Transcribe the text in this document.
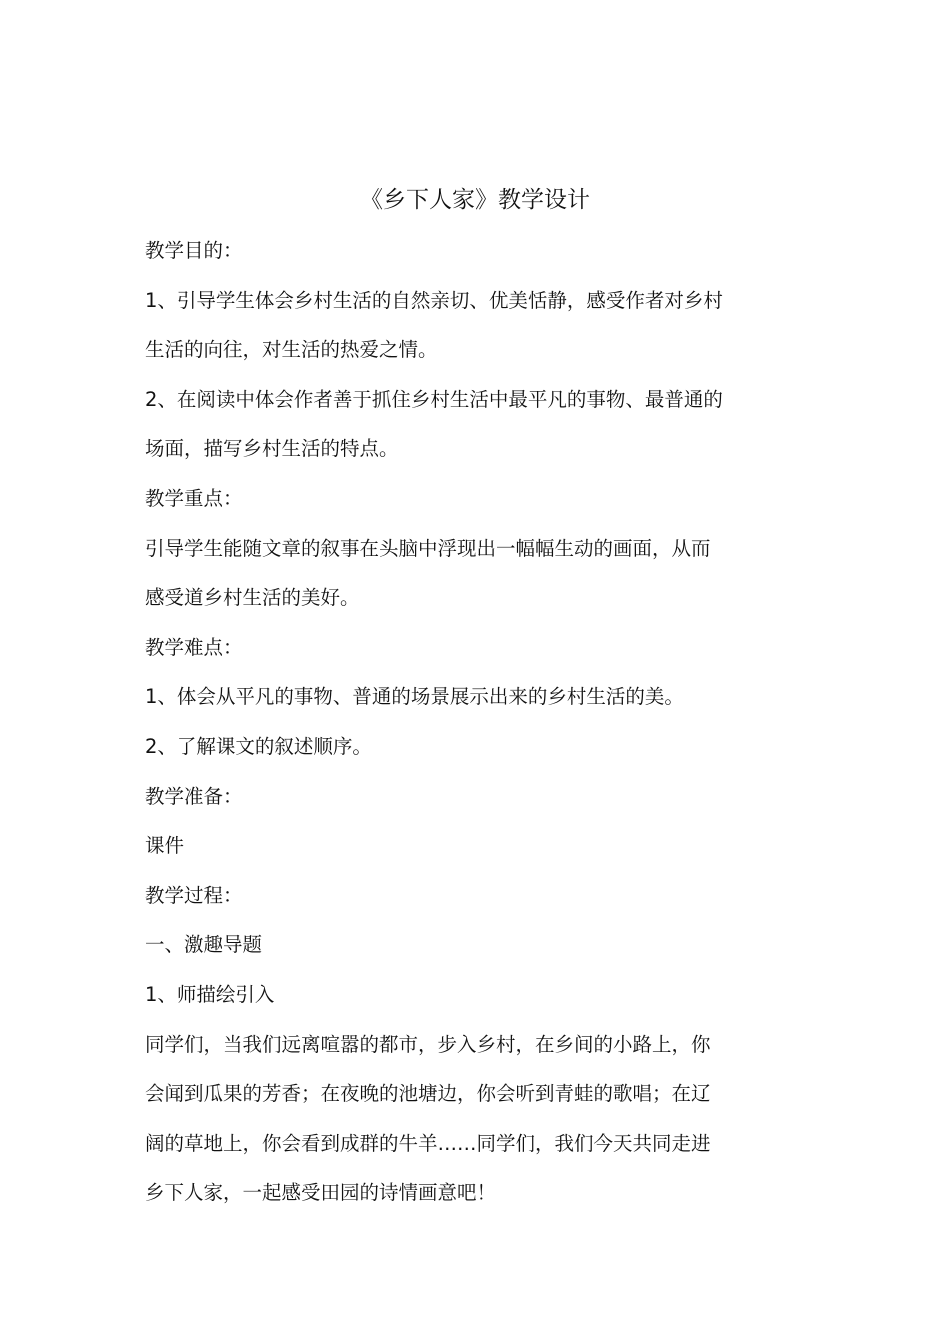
《乡下人家》教学设计
教学目的：
1、引导学生体会乡村生活的自然亲切、优美恬静，感受作者对乡村
生活的向往，对生活的热爱之情。
2、在阅读中体会作者善于抓住乡村生活中最平凡的事物、最普通的
场面，描写乡村生活的特点。
教学重点：
引导学生能随文章的叙事在头脑中浮现出一幅幅生动的画面，从而
感受道乡村生活的美好。
教学难点：
1、体会从平凡的事物、普通的场景展示出来的乡村生活的美。
2、了解课文的叙述顺序。
教学准备：
课件
教学过程：
一、激趣导题
1、师描绘引入
同学们，当我们远离喧嚣的都市，步入乡村，在乡间的小路上，你
会闻到瓜果的芳香；在夜晚的池塘边，你会听到青蛙的歌唱；在辽
阔的草地上，你会看到成群的牛羊……同学们，我们今天共同走进
乡下人家，一起感受田园的诗情画意吧！
